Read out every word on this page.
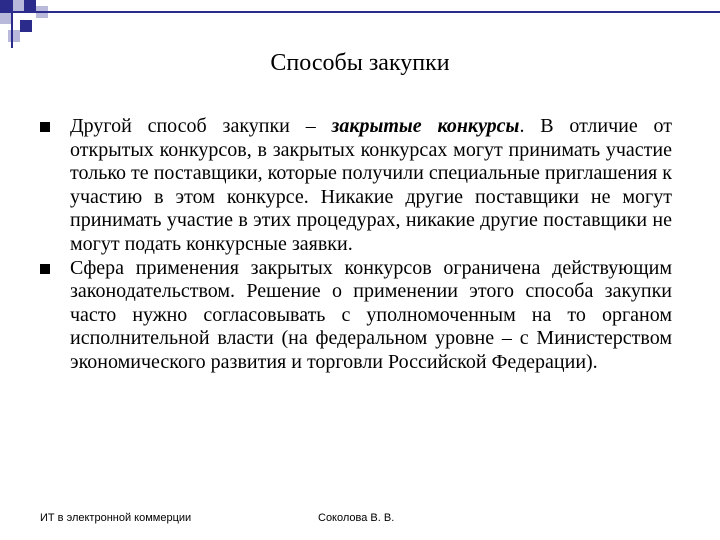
Способы закупки
Другой способ закупки – закрытые конкурсы. В отличие от открытых конкурсов, в закрытых конкурсах могут принимать участие только те поставщики, которые получили специальные приглашения к участию в этом конкурсе. Никакие другие поставщики не могут принимать участие в этих процедурах, никакие другие поставщики не могут подать конкурсные заявки.
Сфера применения закрытых конкурсов ограничена действующим законодательством. Решение о применении этого способа закупки часто нужно согласовывать с уполномоченным на то органом исполнительной власти (на федеральном уровне – с Министерством экономического развития и торговли Российской Федерации).
ИТ в электронной коммерции	Соколова В. В.
